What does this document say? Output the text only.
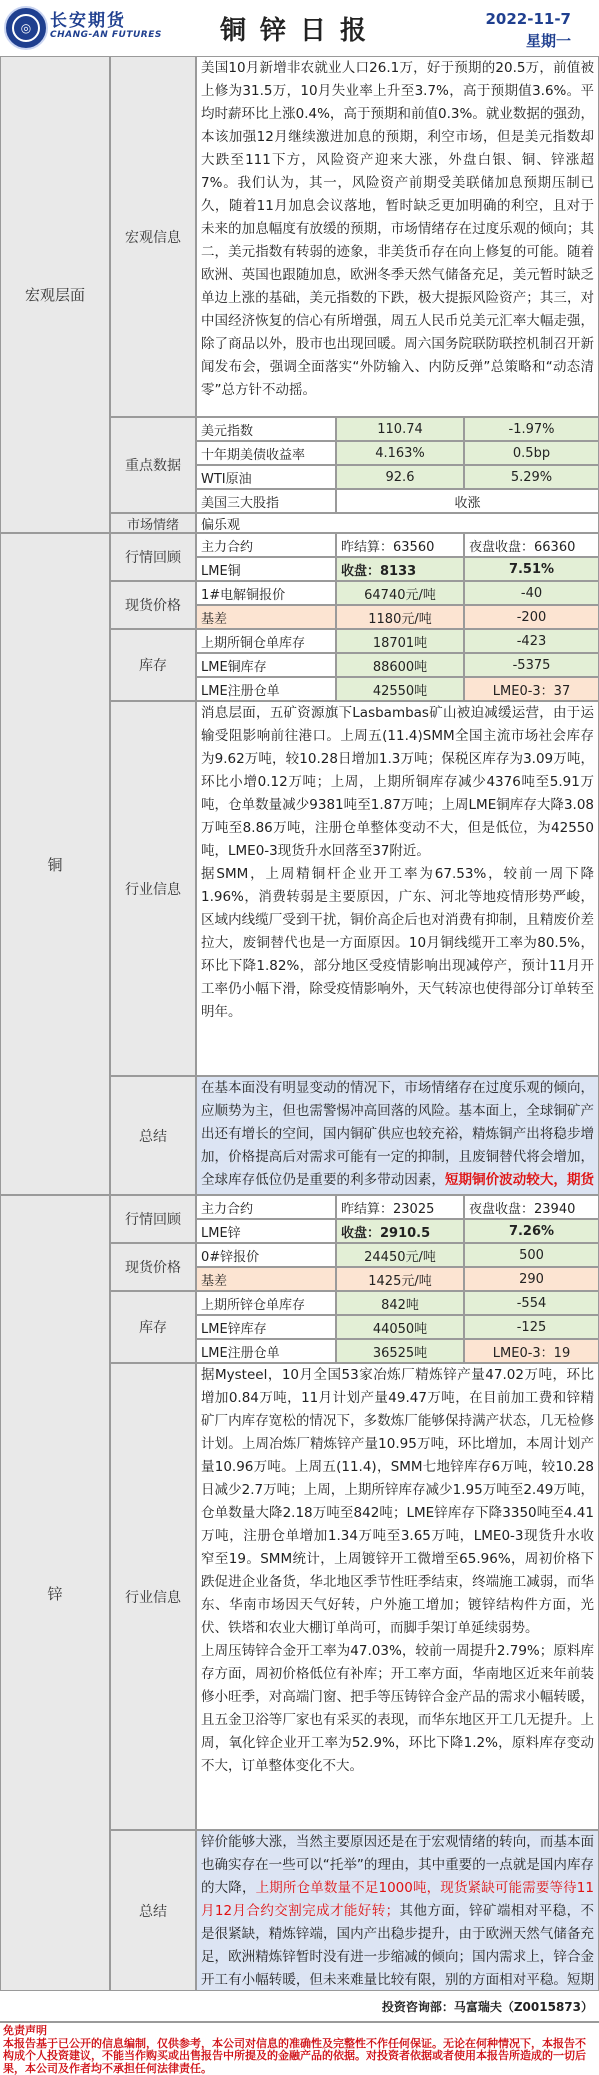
◎	长安期货
CHANG-AN FUTURES	铜锌日报	2022-11-7
星期一
宏观层面
宏观信息
美国10月新增非农就业人口26.1万，好于预期的20.5万，前值被上修为31.5万，10月失业率上升至3.7%，高于预期值3.6%。平均时薪环比上涨0.4%，高于预期和前值0.3%。就业数据的强劲，本该加强12月继续激进加息的预期，利空市场，但是美元指数却大跌至111下方，风险资产迎来大涨，外盘白银、铜、锌涨超7%。我们认为，其一，风险资产前期受美联储加息预期压制已久，随着11月加息会议落地，暂时缺乏更加明确的利空，且对于未来的加息幅度有放缓的预期，市场情绪存在过度乐观的倾向；其二，美元指数有转弱的迹象，非美货币存在向上修复的可能。随着欧洲、英国也跟随加息，欧洲冬季天然气储备充足，美元暂时缺乏单边上涨的基础，美元指数的下跌，极大提振风险资产；其三，对中国经济恢复的信心有所增强，周五人民币兑美元汇率大幅走强，除了商品以外，股市也出现回暖。周六国务院联防联控机制召开新闻发布会，强调全面落实“外防输入、内防反弹”总策略和“动态清零”总方针不动摇。
重点数据
美元指数	110.74	-1.97%
十年期美债收益率	4.163%	0.5bp
WTI原油	92.6	5.29%
美国三大股指	收涨
市场情绪	偏乐观
铜
行情回顾
主力合约	昨结算：63560	夜盘收盘：66360
LME铜	收盘：8133	7.51%
现货价格
1#电解铜报价	64740元/吨	-40
基差	1180元/吨	-200
库存
上期所铜仓单库存	18701吨	-423
LME铜库存	88600吨	-5375
LME注册仓单	42550吨	LME0-3：37
行业信息
消息层面，五矿资源旗下Lasbambas矿山被迫减缓运营，由于运输受阻影响前往港口。上周五(11.4)SMM全国主流市场社会库存为9.62万吨，较10.28日增加1.3万吨；保税区库存为3.09万吨，环比小增0.12万吨；上周，上期所铜库存减少4376吨至5.91万吨，仓单数量减少9381吨至1.87万吨；上周LME铜库存大降3.08万吨至8.86万吨，注册仓单整体变动不大，但是低位，为42550吨，LME0-3现货升水回落至37附近。
据SMM，上周精铜杆企业开工率为67.53%，较前一周下降1.96%，消费转弱是主要原因，广东、河北等地疫情形势严峻，区域内线缆厂受到干扰，铜价高企后也对消费有抑制，且精废价差拉大，废铜替代也是一方面原因。10月铜线缆开工率为80.5%，环比下降1.82%，部分地区受疫情影响出现减停产，预计11月开工率仍小幅下滑，除受疫情影响外，天气转凉也使得部分订单转至明年。
总结
在基本面没有明显变动的情况下，市场情绪存在过度乐观的倾向，应顺势为主，但也需警惕冲高回落的风险。基本面上，全球铜矿产出还有增长的空间，国内铜矿供应也较充裕，精炼铜产出将稳步增加，价格提高后对需求可能有一定的抑制，且废铜替代将会增加，全球库存低位仍是重要的利多带动因素，短期铜价波动较大，期货
锌
行情回顾
主力合约	昨结算：23025	夜盘收盘：23940
LME锌	收盘：2910.5	7.26%
现货价格
0#锌报价	24450元/吨	500
基差	1425元/吨	290
库存
上期所锌仓单库存	842吨	-554
LME锌库存	44050吨	-125
LME注册仓单	36525吨	LME0-3：19
行业信息
据Mysteel，10月全国53家冶炼厂精炼锌产量47.02万吨，环比增加0.84万吨，11月计划产量49.47万吨，在目前加工费和锌精矿厂内库存宽松的情况下，多数炼厂能够保持满产状态，几无检修计划。上周冶炼厂精炼锌产量10.95万吨，环比增加，本周计划产量10.96万吨。上周五(11.4)，SMM七地锌库存6万吨，较10.28日减少2.7万吨；上周，上期所锌库存减少1.95万吨至2.49万吨，仓单数量大降2.18万吨至842吨；LME锌库存下降3350吨至4.41万吨，注册仓单增加1.34万吨至3.65万吨，LME0-3现货升水收窄至19。SMM统计，上周镀锌开工微增至65.96%，周初价格下跌促进企业备货，华北地区季节性旺季结束，终端施工减弱，而华东、华南市场因天气好转，户外施工增加；镀锌结构件方面，光伏、铁塔和农业大棚订单尚可，而脚手架订单延续弱势。
上周压铸锌合金开工率为47.03%，较前一周提升2.79%；原料库存方面，周初价格低位有补库；开工率方面，华南地区近来年前装修小旺季，对高端门窗、把手等压铸锌合金产品的需求小幅转暖，且五金卫浴等厂家也有采买的表现，而华东地区开工几无提升。上周，氧化锌企业开工率为52.9%，环比下降1.2%，原料库存变动不大，订单整体变化不大。
总结
锌价能够大涨，当然主要原因还是在于宏观情绪的转向，而基本面也确实存在一些可以“托举”的理由，其中重要的一点就是国内库存的大降，上期所仓单数量不足1000吨，现货紧缺可能需要等待11月12月合约交割完成才能好转；其他方面，锌矿端相对平稳，不是很紧缺，精炼锌端，国内产出稳步提升，由于欧洲天然气储备充足，欧洲精炼锌暂时没有进一步缩减的倾向；国内需求上，锌合金开工有小幅转暖，但未来难量比较有限，别的方面相对平稳。短期
投资咨询部：马富瑞夫（Z0015873）
免责声明
本报告基于已公开的信息编制，仅供参考，本公司对信息的准确性及完整性不作任何保证。无论在何种情况下，本报告不构成个人投资建议，不能当作购买或出售报告中所提及的金融产品的依据。对投资者依据或者使用本报告所造成的一切后果，本公司及作者均不承担任何法律责任。
